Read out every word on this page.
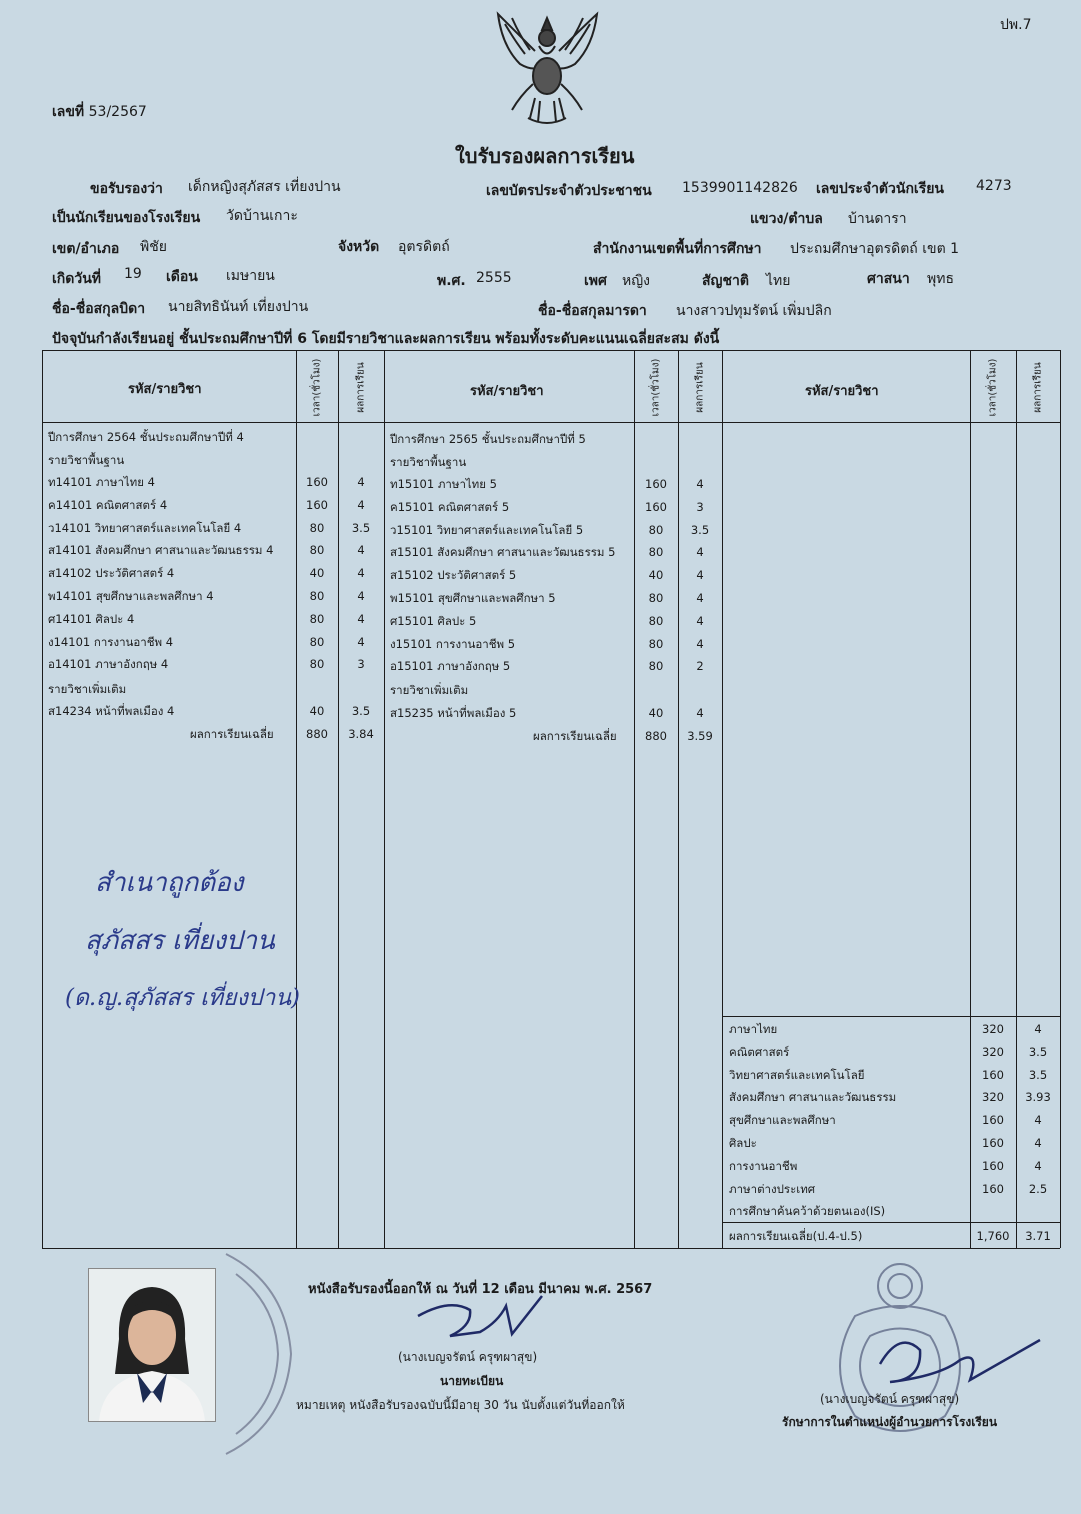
ปพ.7
เลขที่ 53/2567
ใบรับรองผลการเรียน
ขอรับรองว่า เด็กหญิงสุภัสสร เที่ยงปาน	เลขบัตรประจำตัวประชาชน 1539901142826 เลขประจำตัวนักเรียน 4273
เป็นนักเรียนของโรงเรียน วัดบ้านเกาะ	แขวง/ตำบล บ้านดารา
เขต/อำเภอ พิชัย	จังหวัด อุตรดิตถ์	สำนักงานเขตพื้นที่การศึกษา ประถมศึกษาอุตรดิตถ์ เขต 1
เกิดวันที่ 19 เดือน เมษายน	พ.ศ. 2555	เพศ หญิง	สัญชาติ ไทย	ศาสนา พุทธ
ชื่อ-ชื่อสกุลบิดา นายสิทธินันท์ เที่ยงปาน	ชื่อ-ชื่อสกุลมารดา นางสาวปทุมรัตน์ เพิ่มปลิก
ปัจจุบันกำลังเรียนอยู่ ชั้นประถมศึกษาปีที่ 6 โดยมีรายวิชาและผลการเรียน พร้อมทั้งระดับคะแนนเฉลี่ยสะสม ดังนี้
รหัส/รายวิชา	เวลา(ชั่วโมง)	ผลการเรียน	รหัส/รายวิชา	เวลา(ชั่วโมง)	ผลการเรียน	รหัส/รายวิชา	เวลา(ชั่วโมง)	ผลการเรียน
ปีการศึกษา 2564 ชั้นประถมศึกษาปีที่ 4
รายวิชาพื้นฐาน
ท14101 ภาษาไทย 4	160	4
ค14101 คณิตศาสตร์ 4	160	4
ว14101 วิทยาศาสตร์และเทคโนโลยี 4	80	3.5
ส14101 สังคมศึกษา ศาสนาและวัฒนธรรม 4	80	4
ส14102 ประวัติศาสตร์ 4	40	4
พ14101 สุขศึกษาและพลศึกษา 4	80	4
ศ14101 ศิลปะ 4	80	4
ง14101 การงานอาชีพ 4	80	4
อ14101 ภาษาอังกฤษ 4	80	3
รายวิชาเพิ่มเติม
ส14234 หน้าที่พลเมือง 4	40	3.5
ผลการเรียนเฉลี่ย	880	3.84
ปีการศึกษา 2565 ชั้นประถมศึกษาปีที่ 5
รายวิชาพื้นฐาน
ท15101 ภาษาไทย 5	160	4
ค15101 คณิตศาสตร์ 5	160	3
ว15101 วิทยาศาสตร์และเทคโนโลยี 5	80	3.5
ส15101 สังคมศึกษา ศาสนาและวัฒนธรรม 5	80	4
ส15102 ประวัติศาสตร์ 5	40	4
พ15101 สุขศึกษาและพลศึกษา 5	80	4
ศ15101 ศิลปะ 5	80	4
ง15101 การงานอาชีพ 5	80	4
อ15101 ภาษาอังกฤษ 5	80	2
รายวิชาเพิ่มเติม
ส15235 หน้าที่พลเมือง 5	40	4
ผลการเรียนเฉลี่ย	880	3.59
ภาษาไทย	320	4
คณิตศาสตร์	320	3.5
วิทยาศาสตร์และเทคโนโลยี	160	3.5
สังคมศึกษา ศาสนาและวัฒนธรรม	320	3.93
สุขศึกษาและพลศึกษา	160	4
ศิลปะ	160	4
การงานอาชีพ	160	4
ภาษาต่างประเทศ	160	2.5
การศึกษาค้นคว้าด้วยตนเอง(IS)
ผลการเรียนเฉลี่ย(ป.4-ป.5)	1,760	3.71
สำเนาถูกต้อง
สุภัสสร เที่ยงปาน
(ด.ญ.สุภัสสร เที่ยงปาน)
หนังสือรับรองนี้ออกให้ ณ วันที่ 12 เดือน มีนาคม พ.ศ. 2567
(นางเบญจรัตน์ ครุฑผาสุข)
นายทะเบียน
หมายเหตุ หนังสือรับรองฉบับนี้มีอายุ 30 วัน นับตั้งแต่วันที่ออกให้	(นางเบญจรัตน์ ครุฑผาสุข)
รักษาการในตำแหน่งผู้อำนวยการโรงเรียน
